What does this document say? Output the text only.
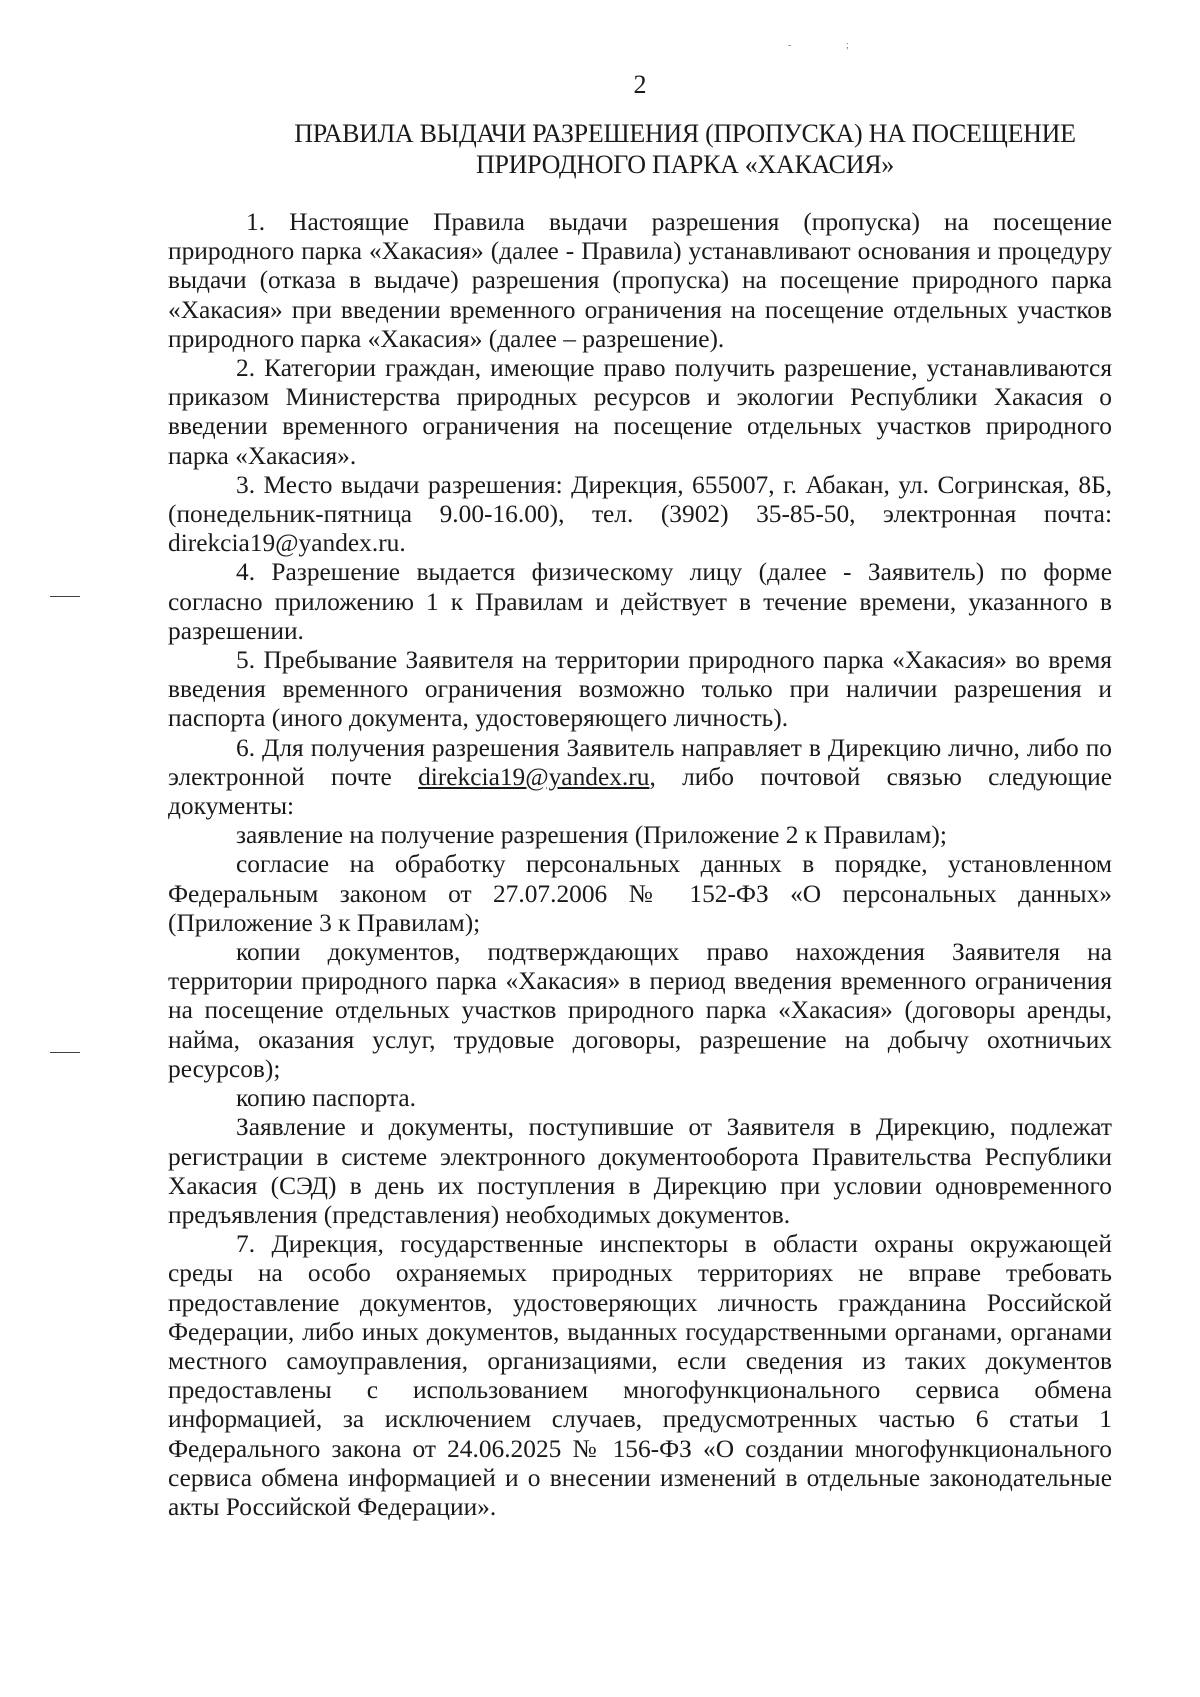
-	;
2
ПРАВИЛА ВЫДАЧИ РАЗРЕШЕНИЯ (ПРОПУСКА) НА ПОСЕЩЕНИЕ
ПРИРОДНОГО ПАРКА «ХАКАСИЯ»

1. Настоящие Правила выдачи разрешения (пропуска) на посещение природного парка «Хакасия» (далее - Правила) устанавливают основания и процедуру выдачи (отказа в выдаче) разрешения (пропуска) на посещение природного парка «Хакасия» при введении временного ограничения на посещение отдельных участков природного парка «Хакасия» (далее – разрешение).

2. Категории граждан, имеющие право получить разрешение, устанавливаются приказом Министерства природных ресурсов и экологии Республики Хакасия о введении временного ограничения на посещение отдельных участков природного парка «Хакасия».

3. Место выдачи разрешения: Дирекция, 655007, г. Абакан, ул. Согринская, 8Б, (понедельник-пятница 9.00-16.00), тел. (3902) 35-85-50, электронная почта: direkcia19@yandex.ru.

4. Разрешение выдается физическому лицу (далее - Заявитель) по форме согласно приложению 1 к Правилам и действует в течение времени, указанного в разрешении.

5. Пребывание Заявителя на территории природного парка «Хакасия» во время введения временного ограничения возможно только при наличии разрешения и паспорта (иного документа, удостоверяющего личность).

6. Для получения разрешения Заявитель направляет в Дирекцию лично, либо по электронной почте direkcia19@yandex.ru, либо почтовой связью следующие документы:

заявление на получение разрешения (Приложение 2 к Правилам);

согласие на обработку персональных данных в порядке, установленном Федеральным законом от 27.07.2006 № 152-ФЗ «О персональных данных» (Приложение 3 к Правилам);

копии документов, подтверждающих право нахождения Заявителя на территории природного парка «Хакасия» в период введения временного ограничения на посещение отдельных участков природного парка «Хакасия» (договоры аренды, найма, оказания услуг, трудовые договоры, разрешение на добычу охотничьих ресурсов);

копию паспорта.

Заявление и документы, поступившие от Заявителя в Дирекцию, подлежат регистрации в системе электронного документооборота Правительства Республики Хакасия (СЭД) в день их поступления в Дирекцию при условии одновременного предъявления (представления) необходимых документов.

7. Дирекция, государственные инспекторы в области охраны окружающей среды на особо охраняемых природных территориях не вправе требовать предоставление документов, удостоверяющих личность гражданина Российской Федерации, либо иных документов, выданных государственными органами, органами местного самоуправления, организациями, если сведения из таких документов предоставлены с использованием многофункционального сервиса обмена информацией, за исключением случаев, предусмотренных частью 6 статьи 1 Федерального закона от 24.06.2025 № 156-ФЗ «О создании многофункционального сервиса обмена информацией и о внесении изменений в отдельные законодательные акты Российской Федерации».
